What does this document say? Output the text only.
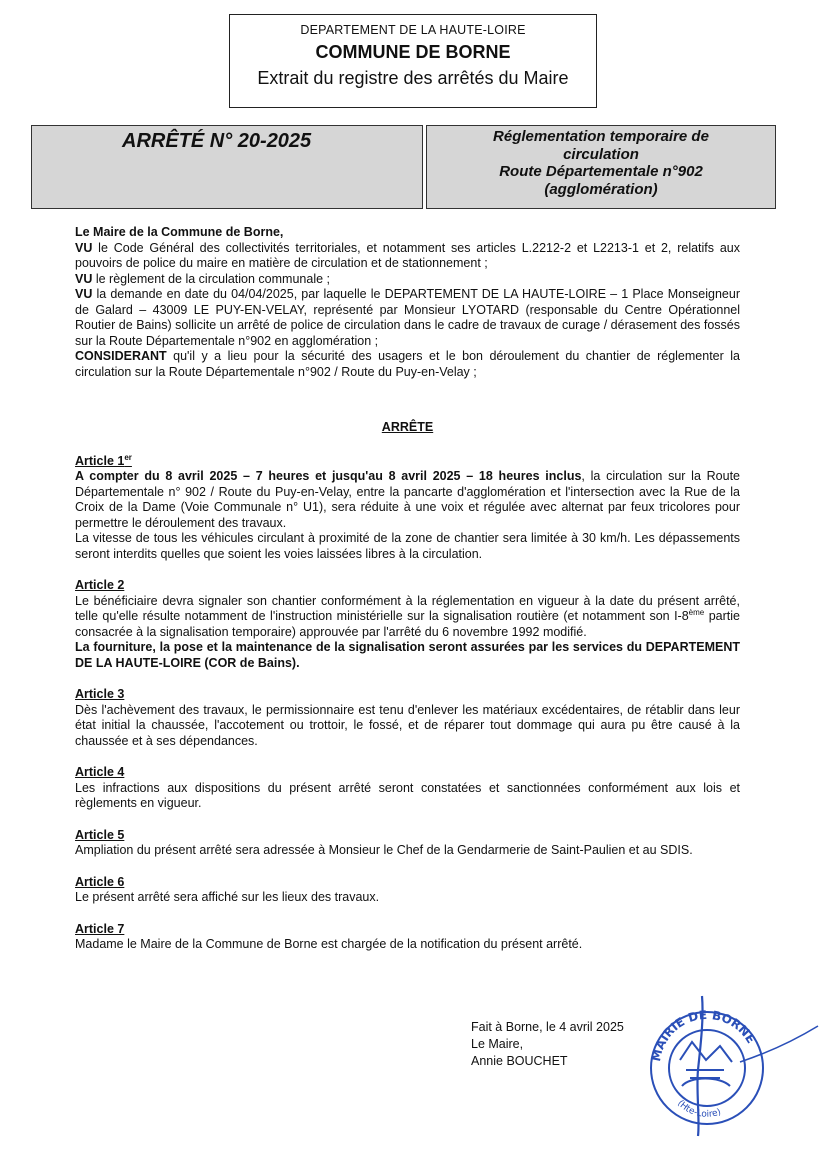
DEPARTEMENT DE LA HAUTE-LOIRE
COMMUNE DE BORNE
Extrait du registre des arrêtés du Maire
ARRÊTÉ N° 20-2025	Réglementation temporaire de
circulation
Route Départementale n°902
(agglomération)

Le Maire de la Commune de Borne,

VU le Code Général des collectivités territoriales, et notamment ses articles L.2212-2 et L2213-1 et 2, relatifs aux pouvoirs de police du maire en matière de circulation et de stationnement ;

VU le règlement de la circulation communale ;

VU la demande en date du 04/04/2025, par laquelle le DEPARTEMENT DE LA HAUTE-LOIRE – 1 Place Monseigneur de Galard – 43009 LE PUY-EN-VELAY, représenté par Monsieur LYOTARD (responsable du Centre Opérationnel Routier de Bains) sollicite un arrêté de police de circulation dans le cadre de travaux de curage / dérasement des fossés sur la Route Départementale n°902 en agglomération ;

CONSIDERANT qu'il y a lieu pour la sécurité des usagers et le bon déroulement du chantier de réglementer la circulation sur la Route Départementale n°902 / Route du Puy-en-Velay ;

ARRÊTE

Article 1er

A compter du 8 avril 2025 – 7 heures et jusqu'au 8 avril 2025 – 18 heures inclus, la circulation sur la Route Départementale n° 902 / Route du Puy-en-Velay, entre la pancarte d'agglomération et l'intersection avec la Rue de la Croix de la Dame (Voie Communale n° U1), sera réduite à une voix et régulée avec alternat par feux tricolores pour permettre le déroulement des travaux.

La vitesse de tous les véhicules circulant à proximité de la zone de chantier sera limitée à 30 km/h. Les dépassements seront interdits quelles que soient les voies laissées libres à la circulation.

Article 2

Le bénéficiaire devra signaler son chantier conformément à la réglementation en vigueur à la date du présent arrêté, telle qu'elle résulte notamment de l'instruction ministérielle sur la signalisation routière (et notamment son I-8ème partie consacrée à la signalisation temporaire) approuvée par l'arrêté du 6 novembre 1992 modifié.

La fourniture, la pose et la maintenance de la signalisation seront assurées par les services du DEPARTEMENT DE LA HAUTE-LOIRE (COR de Bains).

Article 3

Dès l'achèvement des travaux, le permissionnaire est tenu d'enlever les matériaux excédentaires, de rétablir dans leur état initial la chaussée, l'accotement ou trottoir, le fossé, et de réparer tout dommage qui aura pu être causé à la chaussée et à ses dépendances.

Article 4

Les infractions aux dispositions du présent arrêté seront constatées et sanctionnées conformément aux lois et règlements en vigueur.

Article 5

Ampliation du présent arrêté sera adressée à Monsieur le Chef de la Gendarmerie de Saint-Paulien et au SDIS.

Article 6

Le présent arrêté sera affiché sur les lieux des travaux.

Article 7

Madame le Maire de la Commune de Borne est chargée de la notification du présent arrêté.

Fait à Borne, le 4 avril 2025
Le Maire,
Annie BOUCHET	MAIRIE DE BORNE
(Hte-Loire)
